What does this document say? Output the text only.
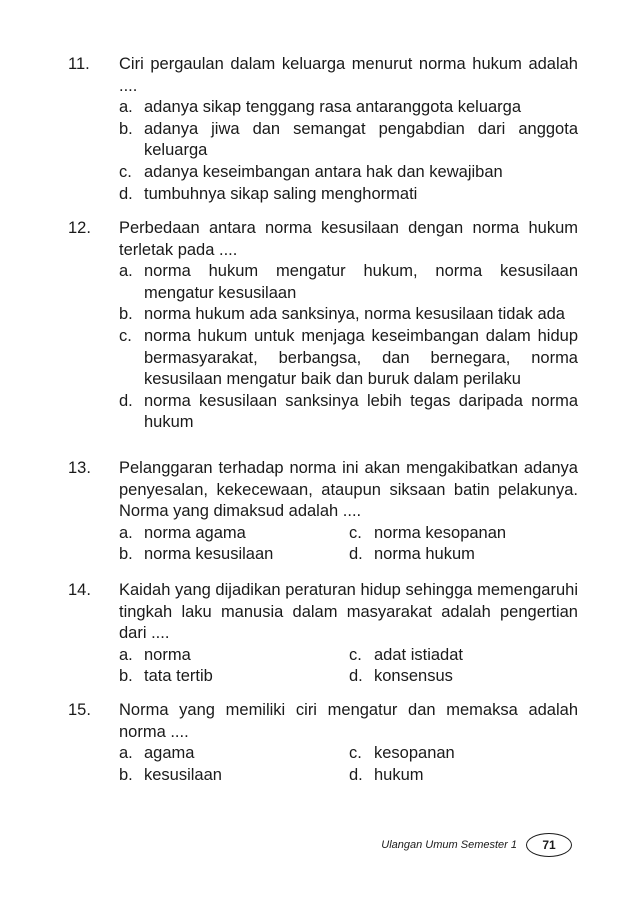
11. Ciri pergaulan dalam keluarga menurut norma hukum adalah ....
a. adanya sikap tenggang rasa antaranggota keluarga
b. adanya jiwa dan semangat pengabdian dari anggota keluarga
c. adanya keseimbangan antara hak dan kewajiban
d. tumbuhnya sikap saling menghormati
12. Perbedaan antara norma kesusilaan dengan norma hukum terletak pada ....
a. norma hukum mengatur hukum, norma kesusilaan mengatur kesusilaan
b. norma hukum ada sanksinya, norma kesusilaan tidak ada
c. norma hukum untuk menjaga keseimbangan dalam hidup bermasyarakat, berbangsa, dan bernegara, norma kesusilaan mengatur baik dan buruk dalam perilaku
d. norma kesusilaan sanksinya lebih tegas daripada norma hukum
13. Pelanggaran terhadap norma ini akan mengakibatkan adanya penyesalan, kekecewaan, ataupun siksaan batin pelakunya. Norma yang dimaksud adalah ....
a. norma agama	c. norma kesopanan
b. norma kesusilaan	d. norma hukum
14. Kaidah yang dijadikan peraturan hidup sehingga memengaruhi tingkah laku manusia dalam masyarakat adalah pengertian dari ....
a. norma	c. adat istiadat
b. tata tertib	d. konsensus
15. Norma yang memiliki ciri mengatur dan memaksa adalah norma ....
a. agama	c. kesopanan
b. kesusilaan	d. hukum
Ulangan Umum Semester 1	71
